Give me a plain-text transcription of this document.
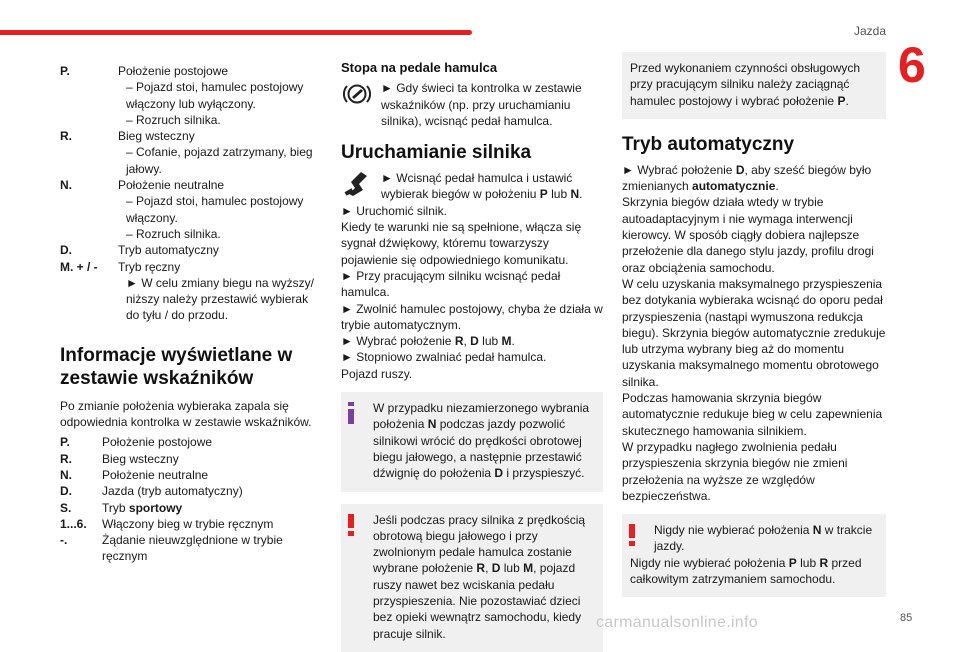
Jazda
6
P.	Położenie postojowe
– Pojazd stoi, hamulec postojowy włączony lub wyłączony.
– Rozruch silnika.

R.	Bieg wsteczny
– Cofanie, pojazd zatrzymany, bieg jałowy.

N.	Położenie neutralne
– Pojazd stoi, hamulec postojowy włączony.
– Rozruch silnika.

D.	Tryb automatyczny
M. + / -	Tryb ręczny
► W celu zmiany biegu na wyższy/ niższy należy przestawić wybierak do tyłu / do przodu.
Informacje wyświetlane w zestawie wskaźników

Po zmianie położenia wybieraka zapala się odpowiednia kontrolka w zestawie wskaźników.

P.	Położenie postojowe
R.	Bieg wsteczny
N.	Położenie neutralne
D.	Jazda (tryb automatyczny)
S.	Tryb sportowy
1...6.	Włączony bieg w trybie ręcznym
-.	Żądanie nieuwzględnione w trybie ręcznym
Stopa na pedale hamulca
► Gdy świeci ta kontrolka w zestawie wskaźników (np. przy uruchamianiu silnika), wcisnąć pedał hamulca.
Uruchamianie silnika
► Wcisnąć pedał hamulca i ustawić wybierak biegów w położeniu P lub N.

► Uruchomić silnik.

Kiedy te warunki nie są spełnione, włącza się sygnał dźwiękowy, któremu towarzyszy pojawienie się odpowiedniego komunikatu.

► Przy pracującym silniku wcisnąć pedał hamulca.

► Zwolnić hamulec postojowy, chyba że działa w trybie automatycznym.

► Wybrać położenie R, D lub M.

► Stopniowo zwalniać pedał hamulca.

Pojazd ruszy.

W przypadku niezamierzonego wybrania położenia N podczas jazdy pozwolić silnikowi wrócić do prędkości obrotowej biegu jałowego, a następnie przestawić dźwignię do położenia D i przyspieszyć.
Jeśli podczas pracy silnika z prędkością obrotową biegu jałowego i przy zwolnionym pedale hamulca zostanie wybrane położenie R, D lub M, pojazd ruszy nawet bez wciskania pedału przyspieszenia. Nie pozostawiać dzieci bez opieki wewnątrz samochodu, kiedy pracuje silnik.
Przed wykonaniem czynności obsługowych przy pracującym silniku należy zaciągnąć hamulec postojowy i wybrać położenie P.
Tryb automatyczny

► Wybrać położenie D, aby sześć biegów było zmienianych automatycznie.

Skrzynia biegów działa wtedy w trybie autoadaptacyjnym i nie wymaga interwencji kierowcy. W sposób ciągły dobiera najlepsze przełożenie dla danego stylu jazdy, profilu drogi oraz obciążenia samochodu.

W celu uzyskania maksymalnego przyspieszenia bez dotykania wybieraka wcisnąć do oporu pedał przyspieszenia (nastąpi wymuszona redukcja biegu). Skrzynia biegów automatycznie zredukuje lub utrzyma wybrany bieg aż do momentu uzyskania maksymalnego momentu obrotowego silnika.

Podczas hamowania skrzynia biegów automatycznie redukuje bieg w celu zapewnienia skutecznego hamowania silnikiem.

W przypadku nagłego zwolnienia pedału przyspieszenia skrzynia biegów nie zmieni przełożenia na wyższe ze względów bezpieczeństwa.

Nigdy nie wybierać położenia N w trakcie jazdy.
Nigdy nie wybierać położenia P lub R przed całkowitym zatrzymaniem samochodu.
carmanualsonline.info	85
